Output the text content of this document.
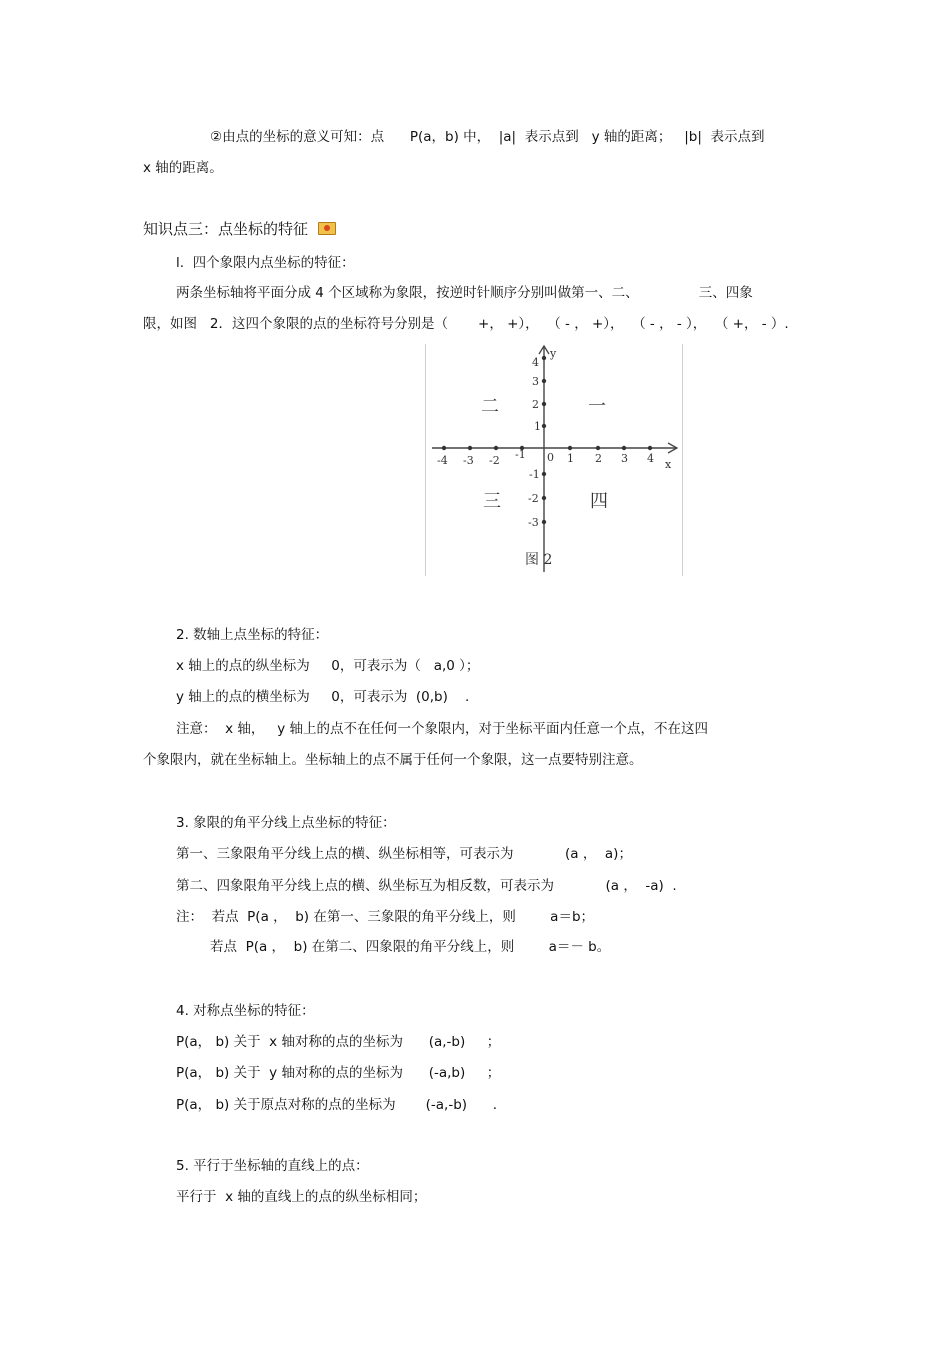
②由点的坐标的意义可知：点      P(a，b) 中，  |a|  表示点到   y 轴的距离；   |b|  表示点到
x 轴的距离。
知识点三：点坐标的特征
l.  四个象限内点坐标的特征：
两条坐标轴将平面分成 4 个区域称为象限，按逆时针顺序分别叫做第一、二、              三、四象
限，如图   2．这四个象限的点的坐标符号分别是（       +， +），  （ - ， +），  （ - ， - ），  （ +， - ）.
2. 数轴上点坐标的特征：
x 轴上的点的纵坐标为     0，可表示为（   a,0 ）；
y 轴上的点的横坐标为     0，可表示为  (0,b)    .
注意：  x 轴，   y 轴上的点不在任何一个象限内，对于坐标平面内任意一个点，不在这四
个象限内，就在坐标轴上。坐标轴上的点不属于任何一个象限，这一点要特别注意。
3. 象限的角平分线上点坐标的特征：
第一、三象限角平分线上点的横、纵坐标相等，可表示为            (a ，  a)；
第二、四象限角平分线上点的横、纵坐标互为相反数，可表示为            (a ，  -a)  .
注：  若点  P(a ，  b) 在第一、三象限的角平分线上，则        a＝b；
若点  P(a ，  b) 在第二、四象限的角平分线上，则        a＝－ b。
4. 对称点坐标的特征：
P(a， b) 关于  x 轴对称的点的坐标为      (a,-b)     ；
P(a， b) 关于  y 轴对称的点的坐标为      (-a,b)     ；
P(a， b) 关于原点对称的点的坐标为       (-a,-b)      .
5. 平行于坐标轴的直线上的点：
平行于  x 轴的直线上的点的纵坐标相同；
x
y
0
-4 -3 -2 -1	1 2 3 4
4
3
2
1
-1
-2
-3
二	一
三	四
图 2
